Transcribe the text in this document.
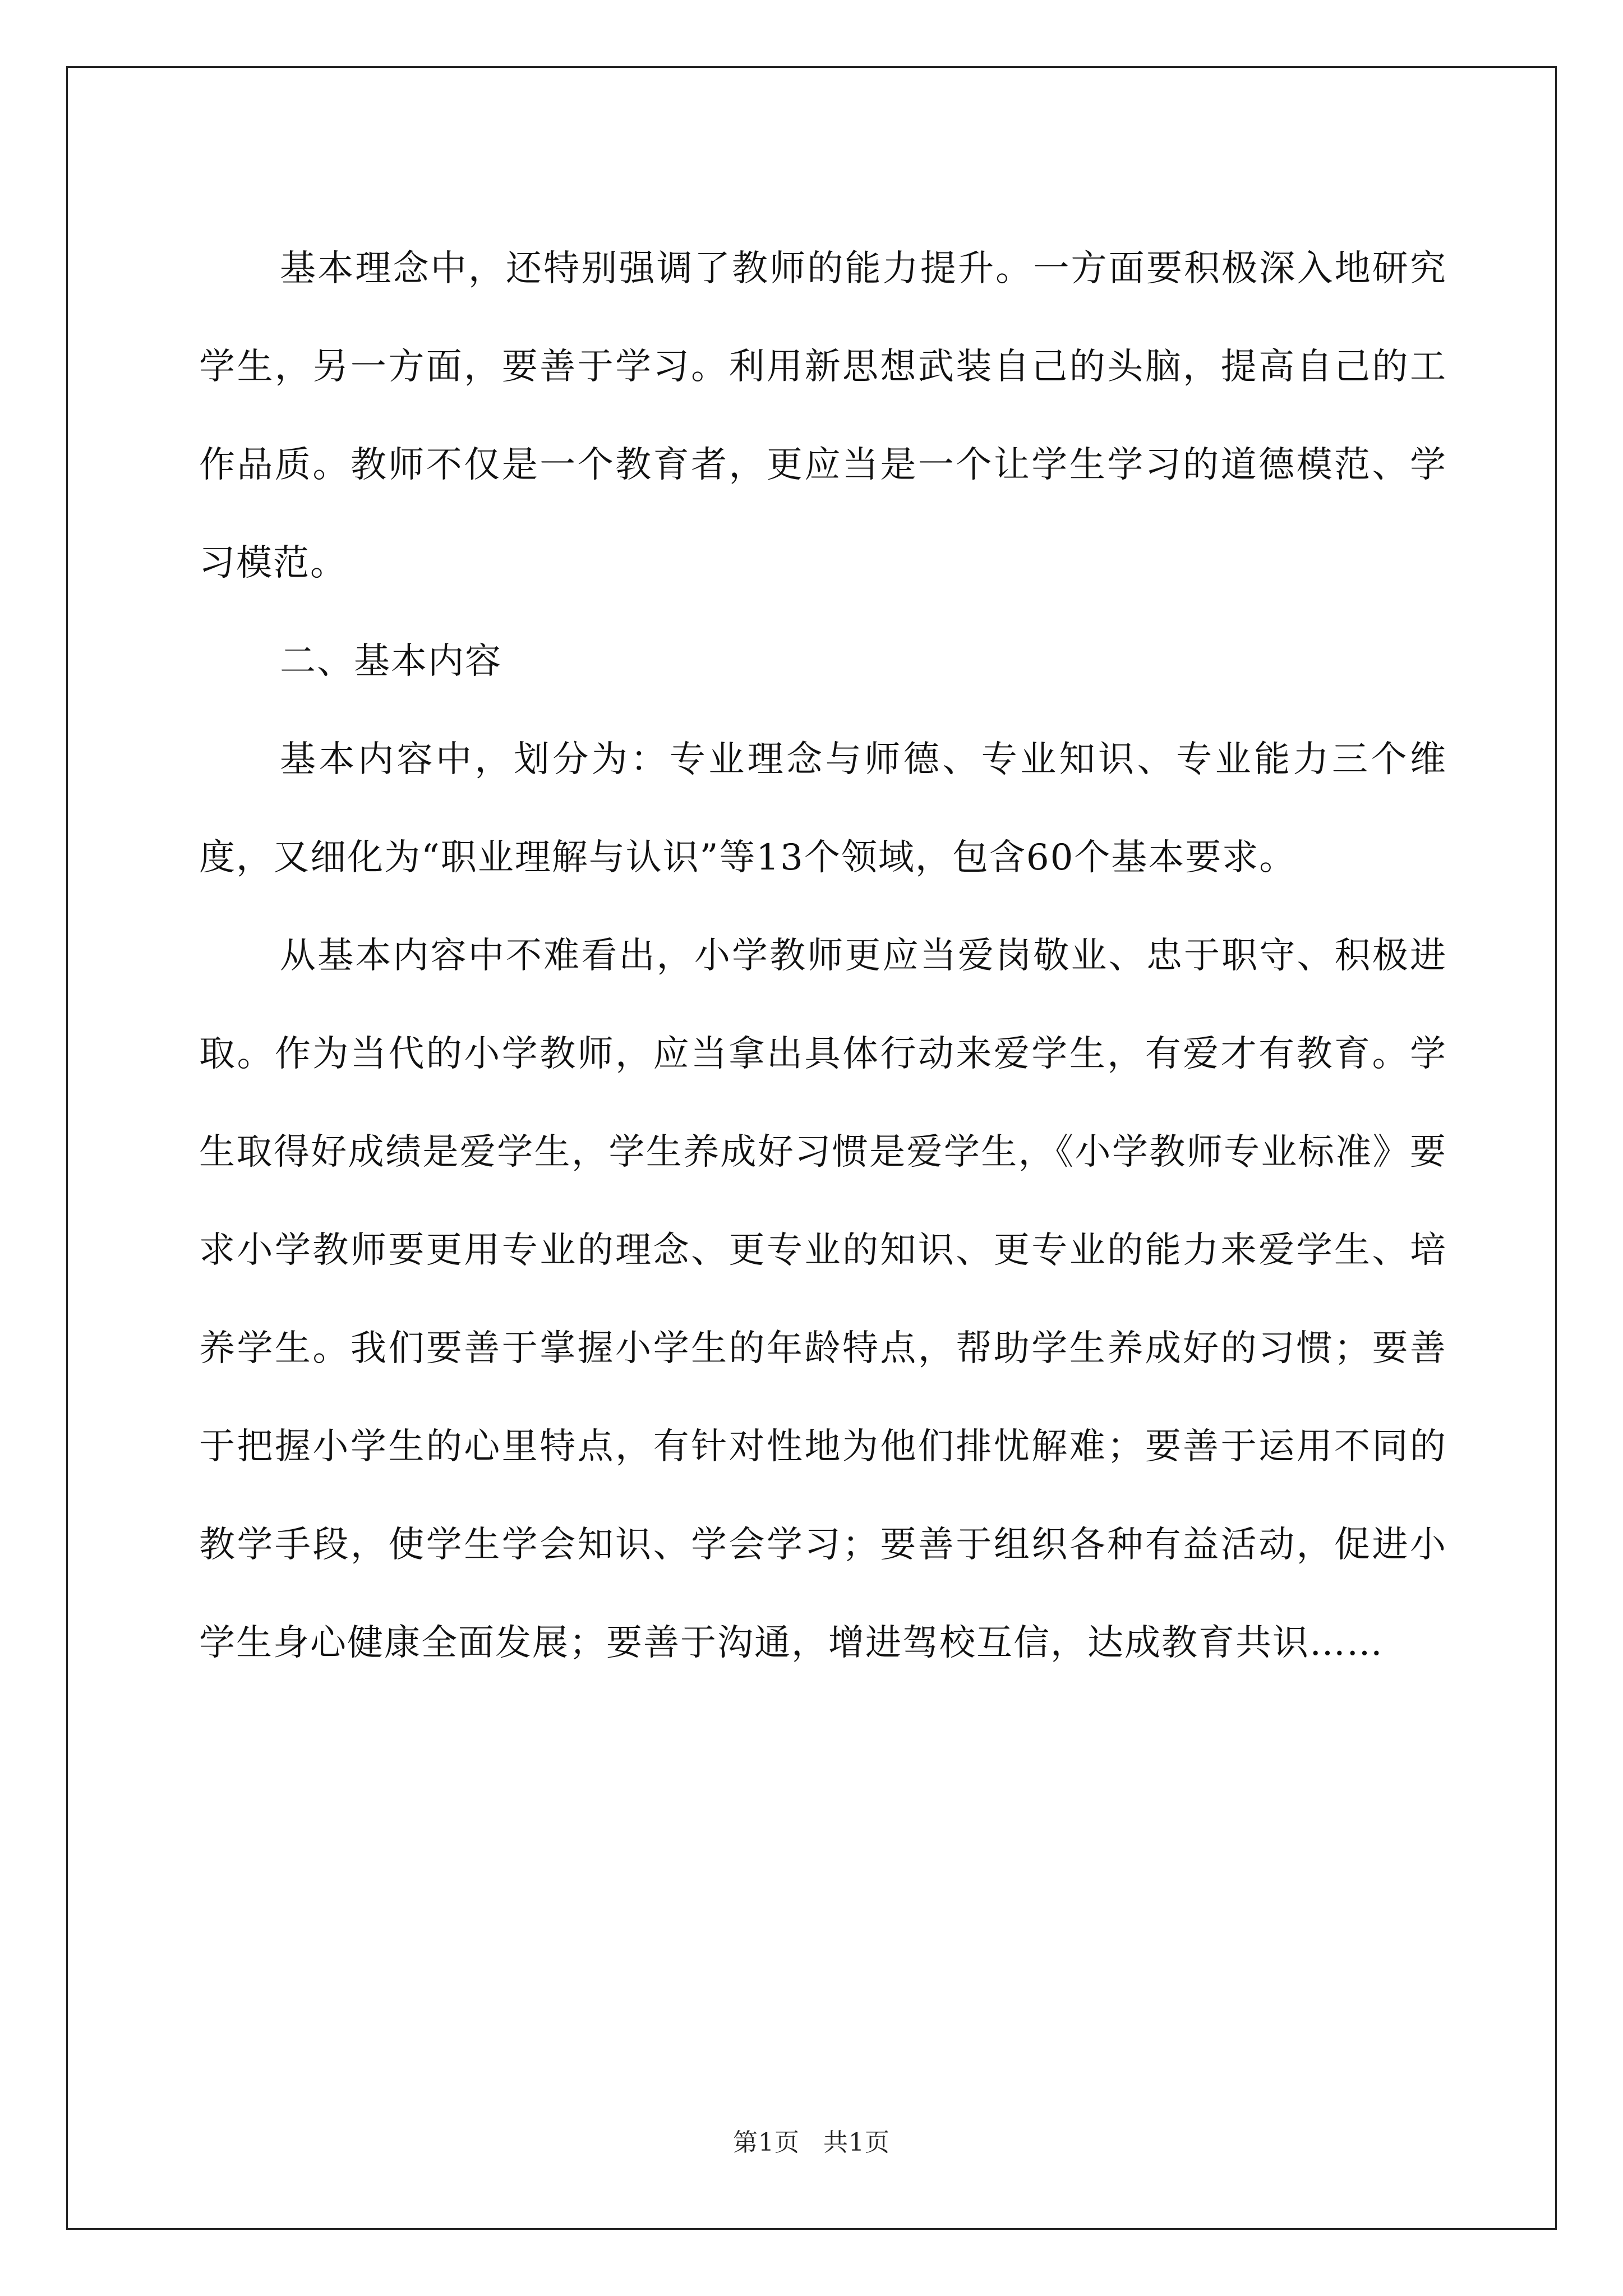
基本理念中，还特别强调了教师的能力提升。一方面要积极深入地研究学生，另一方面，要善于学习。利用新思想武装自己的头脑，提高自己的工作品质。教师不仅是一个教育者，更应当是一个让学生学习的道德模范、学习模范。

二、基本内容

基本内容中，划分为：专业理念与师德、专业知识、专业能力三个维度，又细化为“职业理解与认识”等13个领域，包含60个基本要求。

从基本内容中不难看出，小学教师更应当爱岗敬业、忠于职守、积极进取。作为当代的小学教师，应当拿出具体行动来爱学生，有爱才有教育。学生取得好成绩是爱学生，学生养成好习惯是爱学生，《小学教师专业标准》要求小学教师要更用专业的理念、更专业的知识、更专业的能力来爱学生、培养学生。我们要善于掌握小学生的年龄特点，帮助学生养成好的习惯；要善于把握小学生的心里特点，有针对性地为他们排忧解难；要善于运用不同的教学手段，使学生学会知识、学会学习；要善于组织各种有益活动，促进小学生身心健康全面发展；要善于沟通，增进驾校互信，达成教育共识……

第1页 共1页
